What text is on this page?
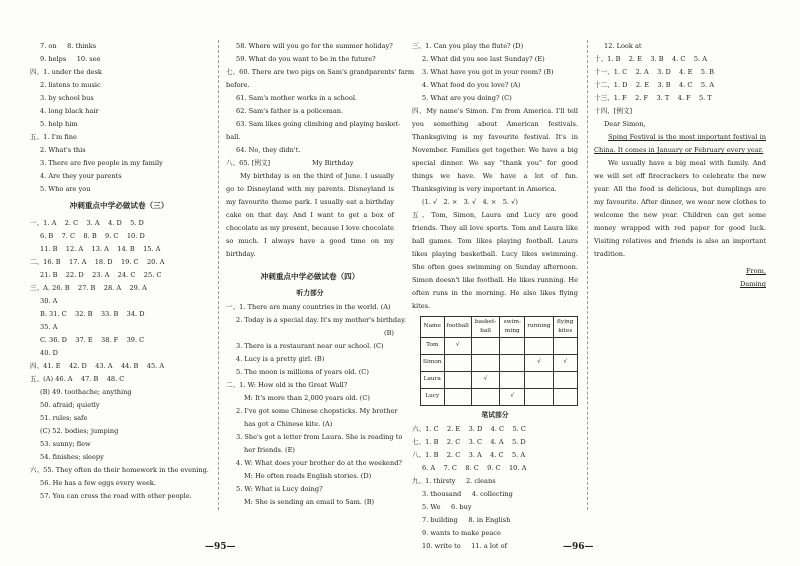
7. on     8. thinks
9. helps     10. see
四、1. under the desk
2. listens to music
3. by school bus
4. long black hair
5. help him
五、1. I'm fine
2. What's this
3. There are five people in my family
4. Are they your parents
5. Who are you
冲刺重点中学必做试卷（三）
一、1. A    2. C    3. A    4. D    5. D
6. B    7. C    8. B    9. C    10. D
11. B    12. A    13. A    14. B    15. A
二、16. B    17. A    18. D    19. C    20. A
21. B    22. D    23. A    24. C    25. C
三、A. 26. B    27. B    28. A    29. A
30. A
B. 31. C    32. B    33. B    34. D
35. A
C. 36. D    37. E    38. F    39. C
40. D
四、41. E    42. D    43. A    44. B    45. A
五、(A) 46. A    47. B    48. C
(B) 49. toothache; anything
50. afraid; quietly
51. rules; safe
(C) 52. bodies; jumping
53. sunny; flew
54. finishes; sleepy
六、55. They often do their homework in the evening.
56. He has a few eggs every week.
57. You can cross the road with other people.
58. Where will you go for the summer holiday?
59. What do you want to be in the future?
七、60. There are two pigs on Sam's grandparents' farm
before.
61. Sam's mother works in a school.
62. Sam's father is a policeman.
63. Sam likes going climbing and playing basket-
ball.
64. No, they didn't.
八、65. [例文]                    My Birthday

My birthday is on the third of June. I usually go to Disneyland with my parents. Disneyland is my favourite theme park. I usually eat a birthday cake on that day. And I want to get a box of chocolate as my present, because I love chocolate so much. I always have a good time on my birthday.

冲刺重点中学必做试卷（四）
听力部分
一、1. There are many countries in the world. (A)
2. Today is a special day. It's my mother's birthday.
(B)
3. There is a restaurant near our school. (C)
4. Lucy is a pretty girl. (B)
5. The moon is millions of years old. (C)
二、1. W: How old is the Great Wall?
M: It's more than 2,000 years old. (C)
2. I've got some Chinese chopsticks. My brother
has got a Chinese kite. (A)
3. She's got a letter from Laura. She is reading to
her friends. (E)
4. W: What does your brother do at the weekend?
M: He often reads English stories. (D)
5. W: What is Lucy doing?
M: She is sending an email to Sam. (B)
三、1. Can you play the flute? (D)
2. What did you see last Sunday? (E)
3. What have you got in your room? (B)
4. What food do you love? (A)
5. What are you doing? (C)

四、My name's Simon. I'm from America. I'll tell you something about American festivals. Thanksgiving is my favourite festival. It's in November. Families get together. We have a big special dinner. We say "thank you" for good things we have. We have a lot of fun. Thanksgiving is very important in America.

(1. √   2. ×   3. √   4. ×   5. √)

五、Tom, Simon, Laura and Lucy are good friends. They all love sports. Tom and Laura like ball games. Tom likes playing football. Laura likes playing basketball. Lucy likes swimming. She often goes swimming on Sunday afternoon. Simon doesn't like football. He likes running. He often runs in the morning. He also likes flying kites.

Name	football	basket-ball	swim-ming	running	flying kites
Tom	√				
Simon				√	√
Laura		√			
Lucy			√		
笔试部分
六、1. C    2. E    3. D    4. C    5. C
七、1. B    2. C    3. C    4. A    5. D
八、1. B    2. C    3. A    4. C    5. A
6. A    7. C    8. C    9. C    10. A
九、1. thirsty     2. cleans
3. thousand     4. collecting
5. We     6. buy
7. building     8. in English
9. wants to make peace
10. write to     11. a lot of
12. Look at
十、1. B    2. E    3. B    4. C    5. A
十一、1. C    2. A    3. D    4. E    5. B
十二、1. D    2. E    3. B    4. C    5. A
十三、1. F    2. F    3. T    4. F    5. T
十四、[例文]
Dear Simon,

Sping Festival is the most important festival in China. It comes in January or February every year.

We usually have a big meal with family. And we will set off firecrackers to celebrate the new year. All the food is delicious, but dumplings are my favourite. After dinner, we wear new clothes to welcome the new year. Children can get some money wrapped with red paper for good luck. Visiting relatives and friends is also an important tradition.

From,
Daming
—95—	—96—
